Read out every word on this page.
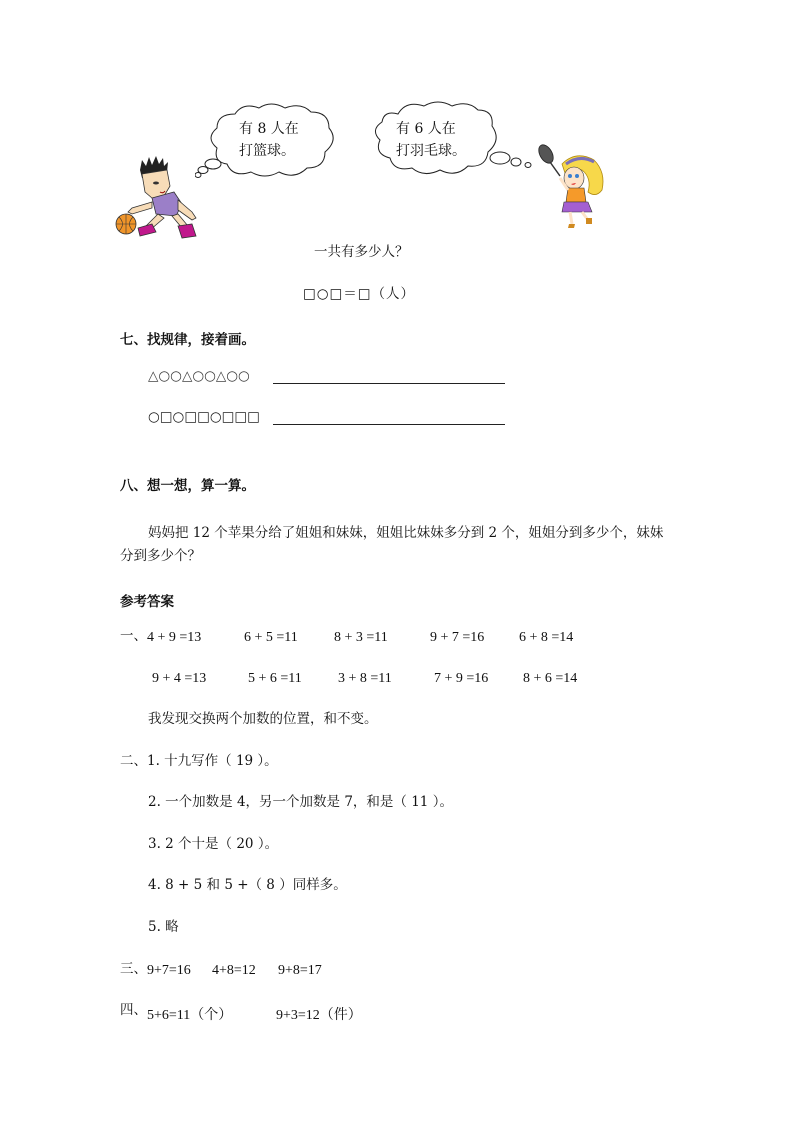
有 8 人在
打篮球。
有 6 人在
打羽毛球。
一共有多少人？
□○□＝□（人）
七、找规律，接着画。
△○○△○○△○○
○□○□□○□□□
八、想一想，算一算。
妈妈把 12 个苹果分给了姐姐和妹妹，姐姐比妹妹多分到 2 个，姐姐分到多少个，妹妹
分到多少个？
参考答案
一、 4 + 9 =13	6 + 5 =11	8 + 3 =11	9 + 7 =16 6 + 8 =14
9 + 4 =13	5 + 6 =11	3 + 8 =11	7 + 9 =16 8 + 6 =14
我发现交换两个加数的位置，和不变。
二、 1. 十九写作（ 19 ）。
2. 一个加数是 4，另一个加数是 7，和是（ 11 ）。
3. 2 个十是（ 20 ）。
4. 8 + 5 和 5 +（ 8 ）同样多。
5. 略
三、 9+7=16 4+8=12 9+8=17
四、 5+6=11（个）	9+3=12（件）
